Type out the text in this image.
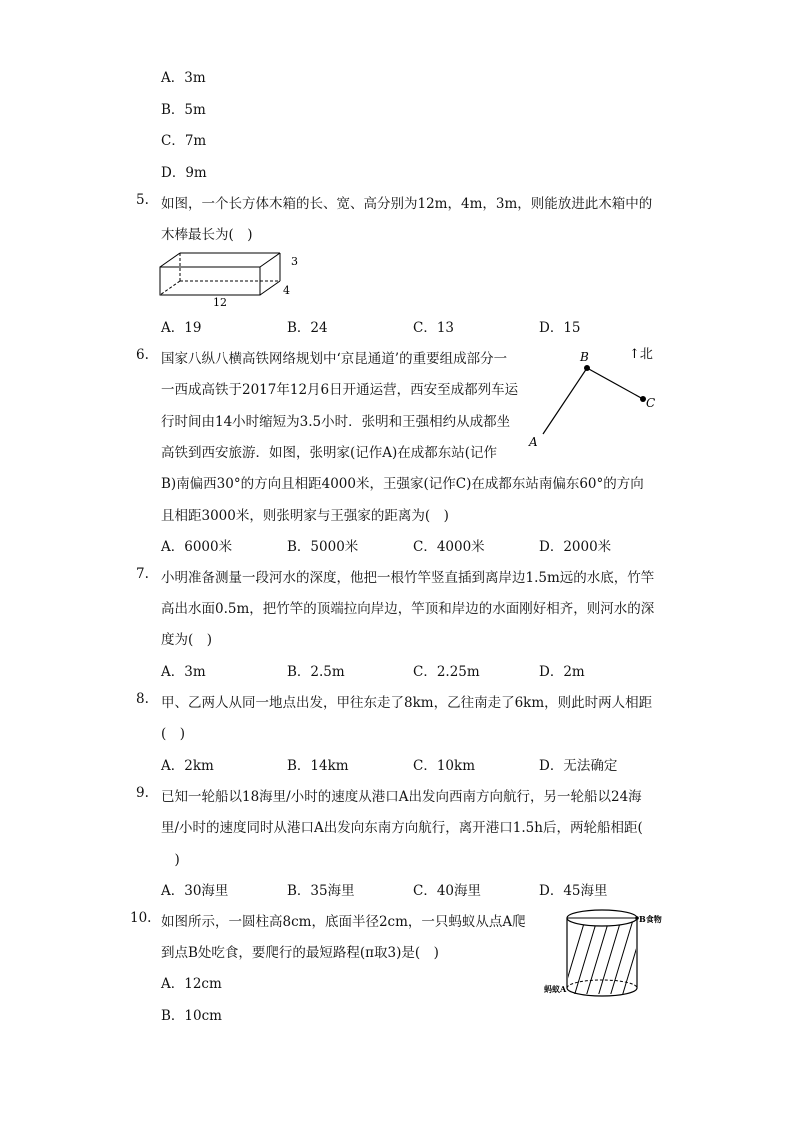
A．3m
B．5m
C．7m
D．9m
5. 如图，一个长方体木箱的长、宽、高分别为12m，4m，3m，则能放进此木箱中的
木棒最长为(　)
3
4
12
A．19	B．24	C．13	D．15
6. 国家八纵八横高铁网络规划中‘京昆通道’的重要组成部分一
一西成高铁于2017年12月6日开通运营，西安至成都列车运
行时间由14小时缩短为3.5小时．张明和王强相约从成都坐
高铁到西安旅游．如图，张明家(记作A)在成都东站(记作
B)南偏西30°的方向且相距4000米，王强家(记作C)在成都东站南偏东60°的方向
且相距3000米，则张明家与王强家的距离为(　)
B
C
A
↑北
A．6000米	B．5000米	C．4000米	D．2000米
7. 小明准备测量一段河水的深度，他把一根竹竿竖直插到离岸边1.5m远的水底，竹竿
高出水面0.5m，把竹竿的顶端拉向岸边，竿顶和岸边的水面刚好相齐，则河水的深
度为(　)
A．3m	B．2.5m	C．2.25m	D．2m
8. 甲、乙两人从同一地点出发，甲往东走了8km，乙往南走了6km，则此时两人相距
(　)
A．2km	B．14km	C．10km	D．无法确定
9. 已知一轮船以18海里/小时的速度从港口A出发向西南方向航行，另一轮船以24海
里/小时的速度同时从港口A出发向东南方向航行，离开港口1.5h后，两轮船相距(
　)
A．30海里	B．35海里	C．40海里	D．45海里
10. 如图所示，一圆柱高8cm，底面半径2cm，一只蚂蚁从点A爬
到点B处吃食，要爬行的最短路程(π取3)是(　)
B食物
蚂蚁A
A．12cm
B．10cm
